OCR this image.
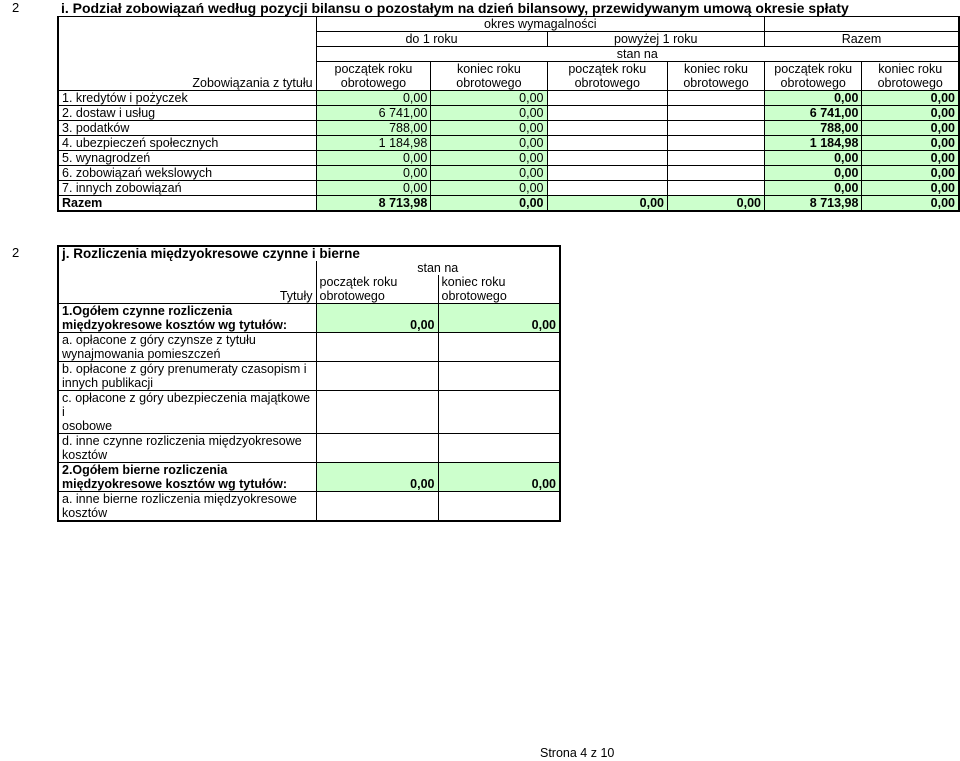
2	i. Podział zobowiązań według pozycji bilansu o pozostałym na dzień bilansowy, przewidywanym umową okresie spłaty
	okres wymagalności					
	do 1 roku		powyżej 1 roku		Razem	
	stan na					
	początek roku	koniec roku	początek roku	koniec roku	początek roku	koniec roku
Zobowiązania z tytułu	obrotowego	obrotowego	obrotowego	obrotowego	obrotowego	obrotowego
1. kredytów i pożyczek	0,00	0,00			0,00	0,00
2. dostaw i usług	6 741,00	0,00			6 741,00	0,00
3. podatków	788,00	0,00			788,00	0,00
4. ubezpieczeń społecznych	1 184,98	0,00			1 184,98	0,00
5. wynagrodzeń	0,00	0,00			0,00	0,00
6. zobowiązań wekslowych	0,00	0,00			0,00	0,00
7. innych zobowiązań	0,00	0,00			0,00	0,00
Razem	8 713,98	0,00	0,00	0,00	8 713,98	0,00
2	j. Rozliczenia międzyokresowe czynne i bierne		
	stan na	
	początek roku	koniec roku
Tytuły	obrotowego	obrotowego

1.Ogółem czynne rozliczenia
międzyokresowe kosztów wg tytułów:	0,00	0,00

a. opłacone z góry czynsze z tytułu
wynajmowania pomieszczeń		

b. opłacone z góry prenumeraty czasopism i
innych publikacji		

c. opłacone z góry ubezpieczenia majątkowe i
osobowe		

d. inne czynne rozliczenia międzyokresowe
kosztów		

2.Ogółem bierne rozliczenia
międzyokresowe kosztów wg tytułów:	0,00	0,00

a. inne bierne rozliczenia międzyokresowe
kosztów		

Strona 4 z 10
